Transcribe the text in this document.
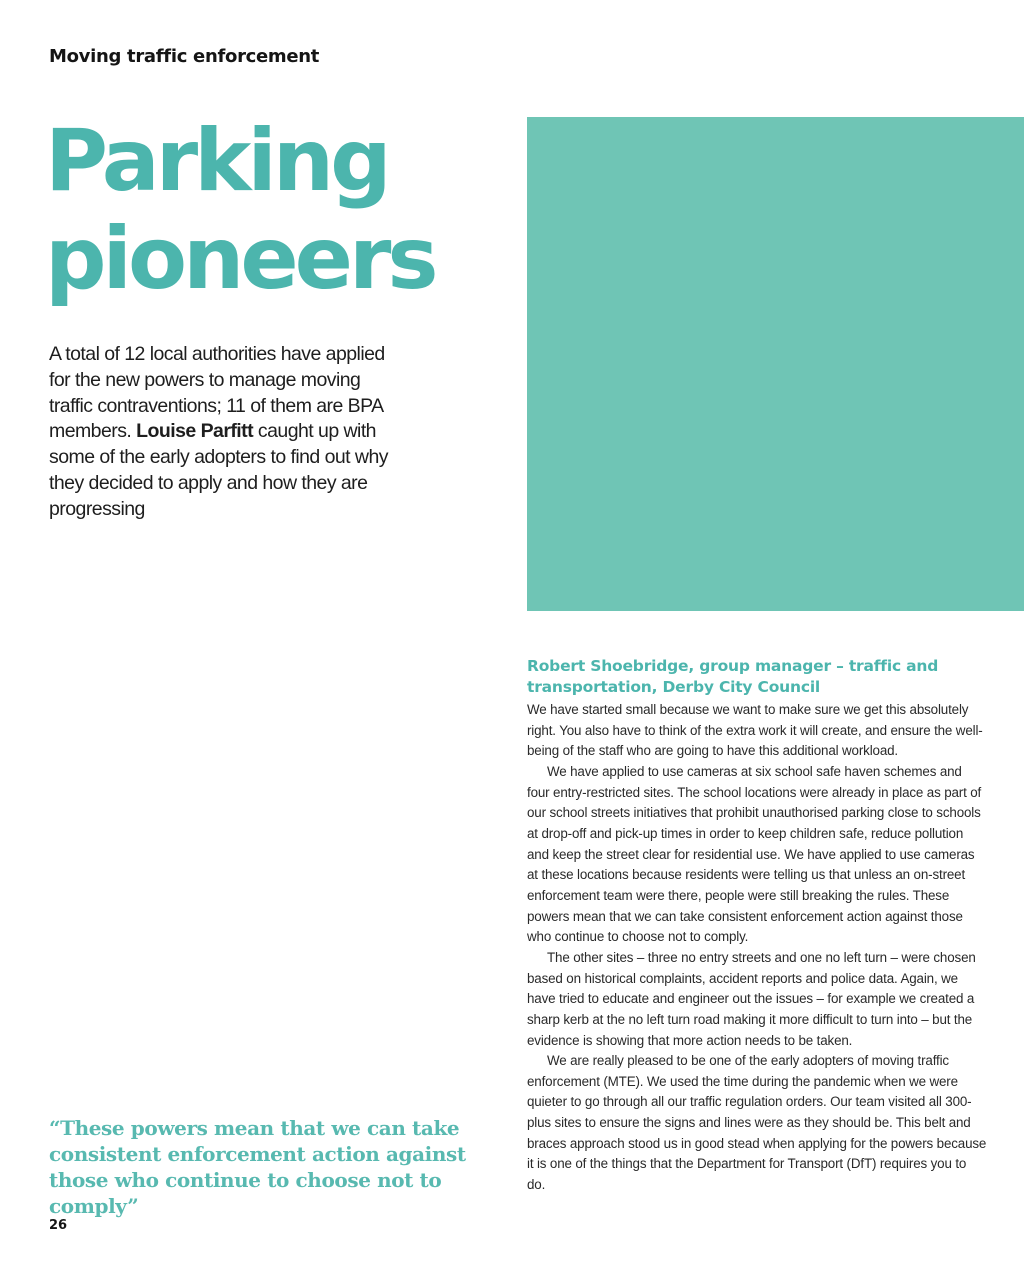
Moving traffic enforcement

Parking
pioneers

A total of 12 local authorities have applied for the new powers to manage moving traffic contraventions; 11 of them are BPA members. Louise Parfitt caught up with some of the early adopters to find out why they decided to apply and how they are progressing

Robert Shoebridge, group manager – traffic and transportation, Derby City Council

We have started small because we want to make sure we get this absolutely right. You also have to think of the extra work it will create, and ensure the well-being of the staff who are going to have this additional workload.

We have applied to use cameras at six school safe haven schemes and four entry-restricted sites. The school locations were already in place as part of our school streets initiatives that prohibit unauthorised parking close to schools at drop-off and pick-up times in order to keep children safe, reduce pollution and keep the street clear for residential use. We have applied to use cameras at these locations because residents were telling us that unless an on-street enforcement team were there, people were still breaking the rules. These powers mean that we can take consistent enforcement action against those who continue to choose not to comply.

The other sites – three no entry streets and one no left turn – were chosen based on historical complaints, accident reports and police data. Again, we have tried to educate and engineer out the issues – for example we created a sharp kerb at the no left turn road making it more difficult to turn into – but the evidence is showing that more action needs to be taken.

We are really pleased to be one of the early adopters of moving traffic enforcement (MTE). We used the time during the pandemic when we were quieter to go through all our traffic regulation orders. Our team visited all 300-plus sites to ensure the signs and lines were as they should be. This belt and braces approach stood us in good stead when applying for the powers because it is one of the things that the Department for Transport (DfT) requires you to do.

“These powers mean that we can take consistent enforcement action against those who continue to choose not to comply”

26
